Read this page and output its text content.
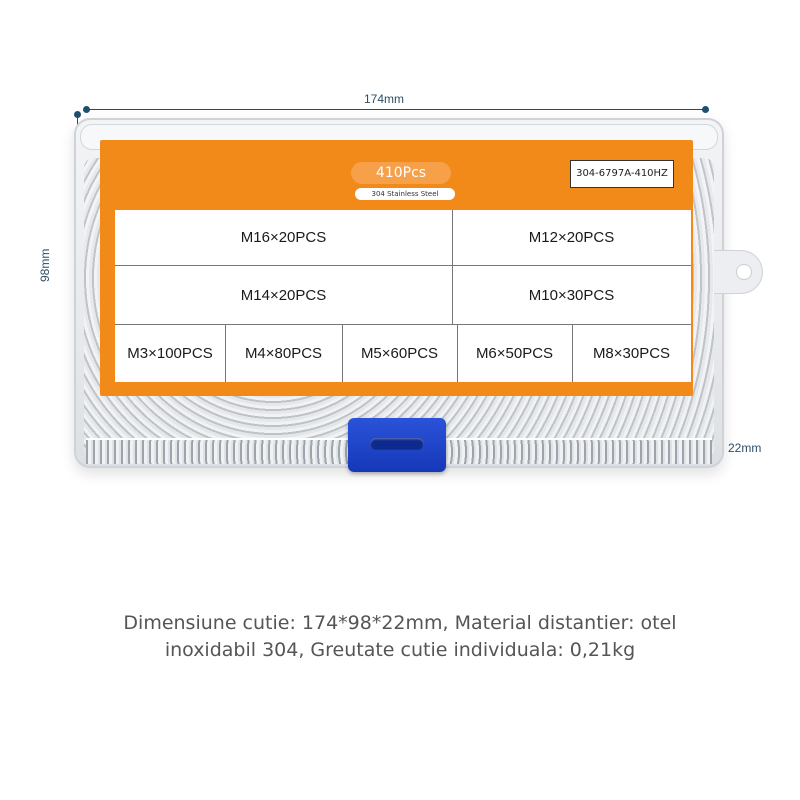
174mm
98mm
22mm
410Pcs
304 Stainless Steel
304-6797A-410HZ
M16×20PCS	M12×20PCS
M14×20PCS	M10×30PCS
M3×100PCS	M4×80PCS	M5×60PCS	M6×50PCS	M8×30PCS
Dimensiune cutie: 174*98*22mm, Material distantier: otel
inoxidabil 304, Greutate cutie individuala: 0,21kg
